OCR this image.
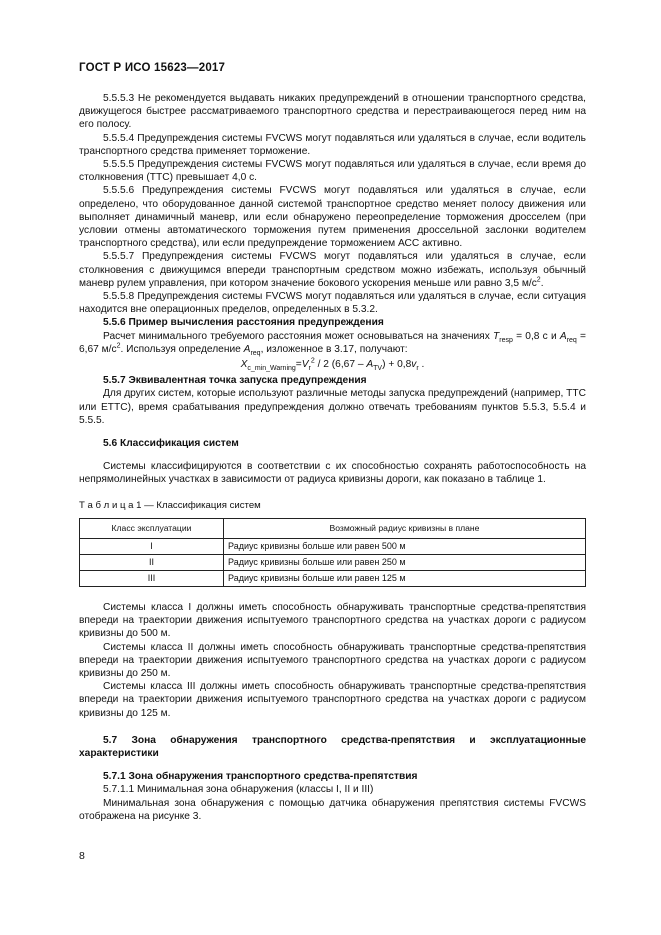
ГОСТ Р ИСО 15623—2017

5.5.5.3 Не рекомендуется выдавать никаких предупреждений в отношении транспортного средства, движущегося быстрее рассматриваемого транспортного средства и перестраивающегося перед ним на его полосу.

5.5.5.4 Предупреждения системы FVCWS могут подавляться или удаляться в случае, если водитель транспортного средства применяет торможение.

5.5.5.5 Предупреждения системы FVCWS могут подавляться или удаляться в случае, если время до столкновения (ТТС) превышает 4,0 с.

5.5.5.6 Предупреждения системы FVCWS могут подавляться или удаляться в случае, если определено, что оборудованное данной системой транспортное средство меняет полосу движения или выполняет динамичный маневр, или если обнаружено переопределение торможения дросселем (при условии отмены автоматического торможения путем применения дроссельной заслонки водителем транспортного средства), или если предупреждение торможением АСС активно.

5.5.5.7 Предупреждения системы FVCWS могут подавляться или удаляться в случае, если столкновения с движущимся впереди транспортным средством можно избежать, используя обычный маневр рулем управления, при котором значение бокового ускорения меньше или равно 3,5 $м/с^2$.

5.5.5.8 Предупреждения системы FVCWS могут подавляться или удаляться в случае, если ситуация находится вне операционных пределов, определенных в 5.3.2.

5.5.6 Пример вычисления расстояния предупреждения

Расчет минимального требуемого расстояния может основываться на значениях $T_{resp} = 0,8$ с и $A_{req} = 6,67$ $м/с^2$. Используя определение $A_{req}$, изложенное в 3.17, получают:

$X_{c\_min\_Warning}=V_r^2 / 2$ $(6,67 - A_{TV}) + 0,8v_r$ .

5.5.7 Эквивалентная точка запуска предупреждения

Для других систем, которые используют различные методы запуска предупреждений (например, ТТС или ЕТТС), время срабатывания предупреждения должно отвечать требованиям пунктов 5.5.3, 5.5.4 и 5.5.5.

5.6 Классификация систем

Системы классифицируются в соответствии с их способностью сохранять работоспособность на непрямолинейных участках в зависимости от радиуса кривизны дороги, как показано в таблице 1.

Т а б л и ц а 1 — Классификация систем

Класс эксплуатации	Возможный радиус кривизны в плане
I	Радиус кривизны больше или равен 500 м
II	Радиус кривизны больше или равен 250 м
III	Радиус кривизны больше или равен 125 м

Системы класса I должны иметь способность обнаруживать транспортные средства-препятствия впереди на траектории движения испытуемого транспортного средства на участках дороги с радиусом кривизны до 500 м.

Системы класса II должны иметь способность обнаруживать транспортные средства-препятствия впереди на траектории движения испытуемого транспортного средства на участках дороги с радиусом кривизны до 250 м.

Системы класса III должны иметь способность обнаруживать транспортные средства-препятствия впереди на траектории движения испытуемого транспортного средства на участках дороги с радиусом кривизны до 125 м.

5.7 Зона обнаружения транспортного средства-препятствия и эксплуатационные характеристики

5.7.1 Зона обнаружения транспортного средства-препятствия

5.7.1.1 Минимальная зона обнаружения (классы I, II и III)

Минимальная зона обнаружения с помощью датчика обнаружения препятствия системы FVCWS отображена на рисунке 3.

8
